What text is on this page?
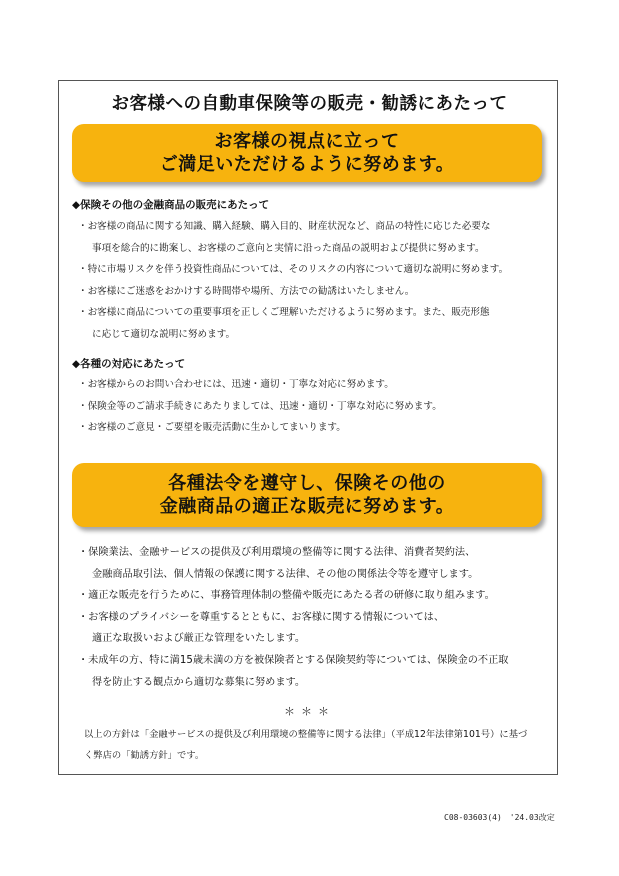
お客様への自動車保険等の販売・勧誘にあたって
お客様の視点に立って
ご満足いただけるように努めます。
◆保険その他の金融商品の販売にあたって
・お客様の商品に関する知識、購入経験、購入目的、財産状況など、商品の特性に応じた必要な
事項を総合的に勘案し、お客様のご意向と実情に沿った商品の説明および提供に努めます。
・特に市場リスクを伴う投資性商品については、そのリスクの内容について適切な説明に努めます。
・お客様にご迷惑をおかけする時間帯や場所、方法での勧誘はいたしません。
・お客様に商品についての重要事項を正しくご理解いただけるように努めます。また、販売形態
に応じて適切な説明に努めます。
◆各種の対応にあたって
・お客様からのお問い合わせには、迅速・適切・丁寧な対応に努めます。
・保険金等のご請求手続きにあたりましては、迅速・適切・丁寧な対応に努めます。
・お客様のご意見・ご要望を販売活動に生かしてまいります。
各種法令を遵守し、保険その他の
金融商品の適正な販売に努めます。
・保険業法、金融サービスの提供及び利用環境の整備等に関する法律、消費者契約法、
金融商品取引法、個人情報の保護に関する法律、その他の関係法令等を遵守します。
・適正な販売を行うために、事務管理体制の整備や販売にあたる者の研修に取り組みます。
・お客様のプライバシーを尊重するとともに、お客様に関する情報については、
適正な取扱いおよび厳正な管理をいたします。
・未成年の方、特に満15歳未満の方を被保険者とする保険契約等については、保険金の不正取
得を防止する観点から適切な募集に努めます。
＊＊＊
以上の方針は「金融サービスの提供及び利用環境の整備等に関する法律」（平成12年法律第101号）に基づ
く弊店の「勧誘方針」です。
C08-03603(4)　'24.03改定
